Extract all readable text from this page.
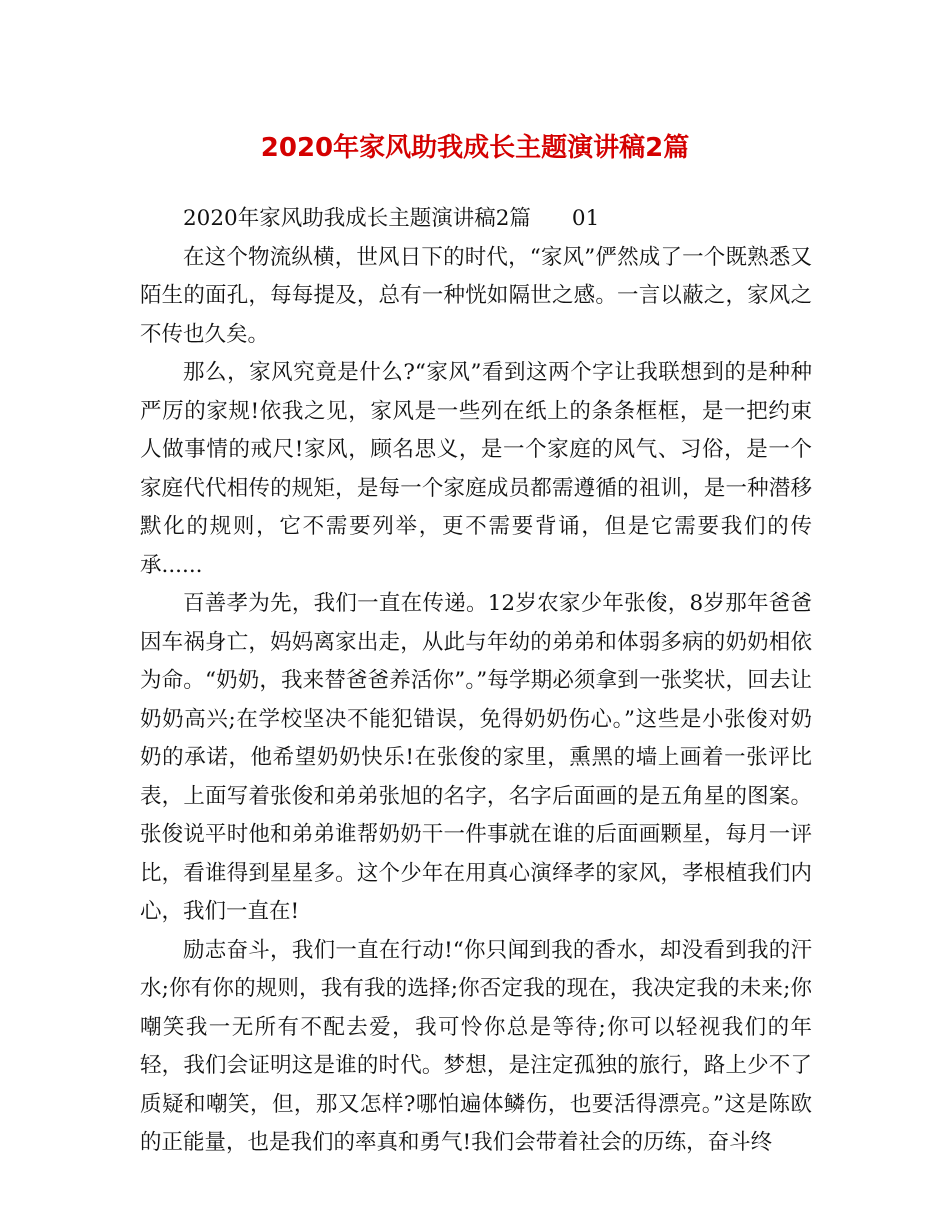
2020年家风助我成长主题演讲稿2篇

2020年家风助我成长主题演讲稿2篇      01

在这个物流纵横，世风日下的时代，“家风”俨然成了一个既熟悉又陌生的面孔，每每提及，总有一种恍如隔世之感。一言以蔽之，家风之不传也久矣。

那么，家风究竟是什么?“家风”看到这两个字让我联想到的是种种严厉的家规!依我之见，家风是一些列在纸上的条条框框，是一把约束人做事情的戒尺!家风，顾名思义，是一个家庭的风气、习俗，是一个家庭代代相传的规矩，是每一个家庭成员都需遵循的祖训，是一种潜移默化的规则，它不需要列举，更不需要背诵，但是它需要我们的传承......

百善孝为先，我们一直在传递。12岁农家少年张俊，8岁那年爸爸因车祸身亡，妈妈离家出走，从此与年幼的弟弟和体弱多病的奶奶相依为命。“奶奶，我来替爸爸养活你”。”每学期必须拿到一张奖状，回去让奶奶高兴;在学校坚决不能犯错误，免得奶奶伤心。”这些是小张俊对奶奶的承诺，他希望奶奶快乐!在张俊的家里，熏黑的墙上画着一张评比表，上面写着张俊和弟弟张旭的名字，名字后面画的是五角星的图案。张俊说平时他和弟弟谁帮奶奶干一件事就在谁的后面画颗星，每月一评比，看谁得到星星多。这个少年在用真心演绎孝的家风，孝根植我们内心，我们一直在!

励志奋斗，我们一直在行动!“你只闻到我的香水，却没看到我的汗水;你有你的规则，我有我的选择;你否定我的现在，我决定我的未来;你嘲笑我一无所有不配去爱，我可怜你总是等待;你可以轻视我们的年轻，我们会证明这是谁的时代。梦想，是注定孤独的旅行，路上少不了质疑和嘲笑，但，那又怎样?哪怕遍体鳞伤，也要活得漂亮。”这是陈欧的正能量，也是我们的率真和勇气!我们会带着社会的历练，奋斗终
